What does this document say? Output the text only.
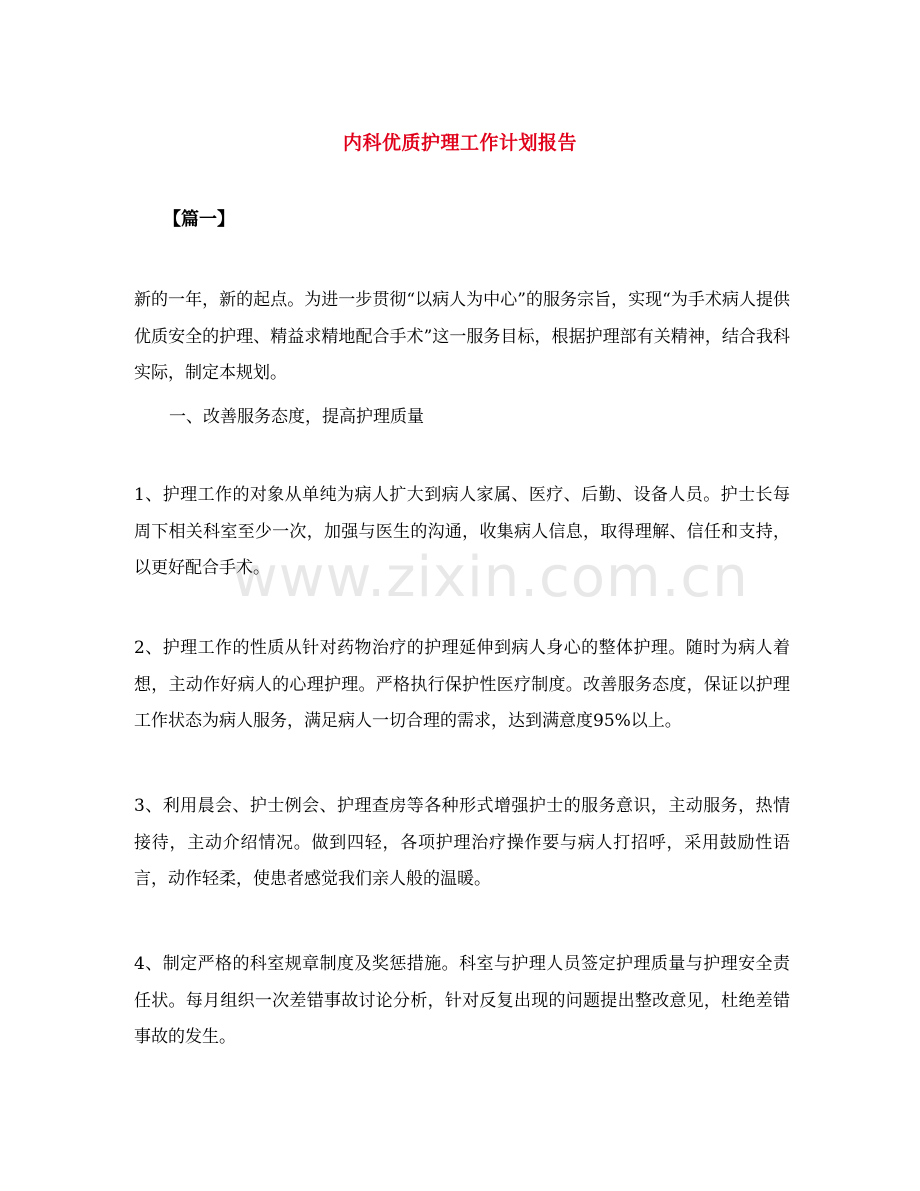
内科优质护理工作计划报告
【篇一】
新的一年，新的起点。为进一步贯彻“以病人为中心”的服务宗旨，实现“为手术病人提供优质安全的护理、精益求精地配合手术”这一服务目标，根据护理部有关精神，结合我科实际，制定本规划。
一、改善服务态度，提高护理质量
1、护理工作的对象从单纯为病人扩大到病人家属、医疗、后勤、设备人员。护士长每周下相关科室至少一次，加强与医生的沟通，收集病人信息，取得理解、信任和支持，以更好配合手术。
2、护理工作的性质从针对药物治疗的护理延伸到病人身心的整体护理。随时为病人着想，主动作好病人的心理护理。严格执行保护性医疗制度。改善服务态度，保证以护理工作状态为病人服务，满足病人一切合理的需求，达到满意度95%以上。
3、利用晨会、护士例会、护理查房等各种形式增强护士的服务意识，主动服务，热情接待，主动介绍情况。做到四轻，各项护理治疗操作要与病人打招呼，采用鼓励性语言，动作轻柔，使患者感觉我们亲人般的温暖。
4、制定严格的科室规章制度及奖惩措施。科室与护理人员签定护理质量与护理安全责任状。每月组织一次差错事故讨论分析，针对反复出现的问题提出整改意见，杜绝差错事故的发生。
www.zixin.com.cn
